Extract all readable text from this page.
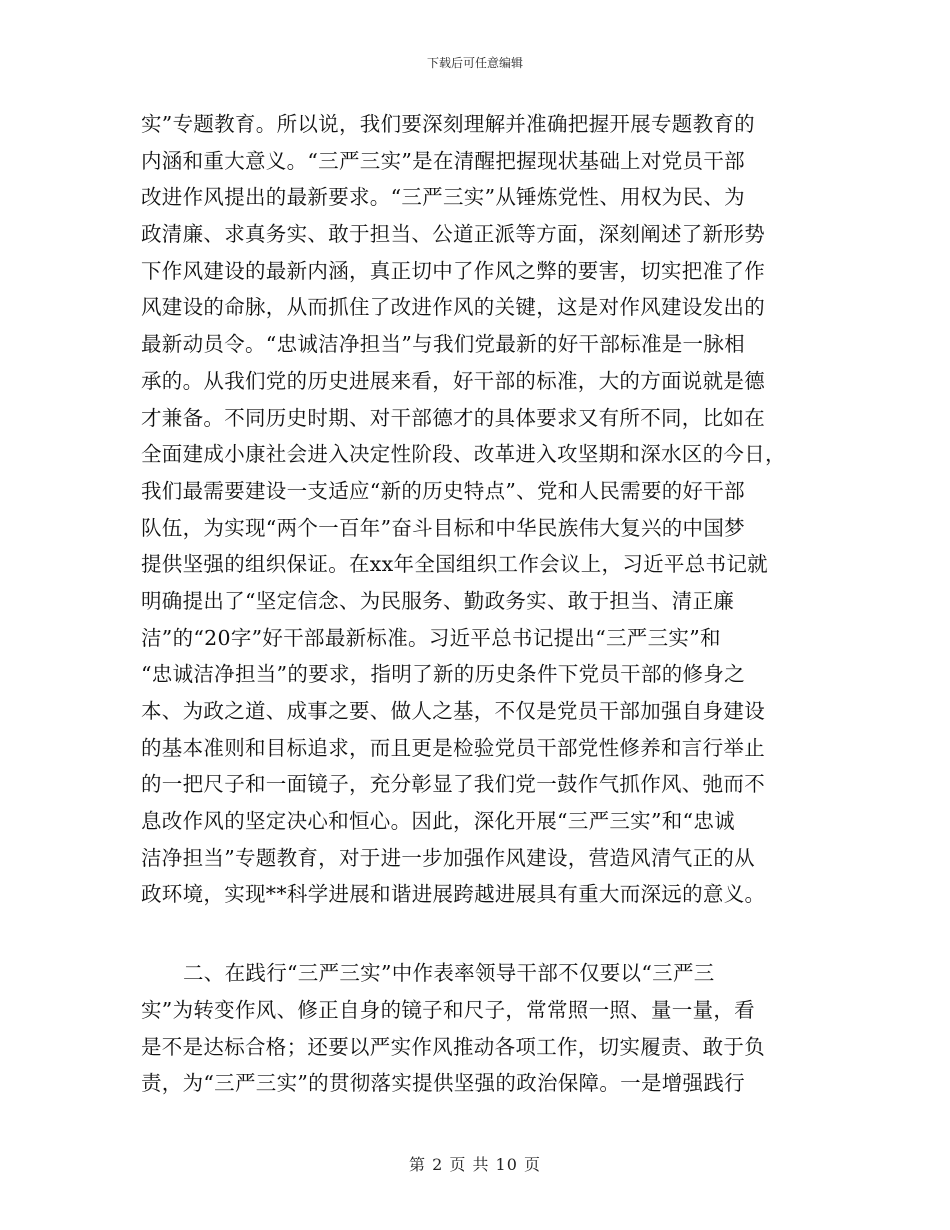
下载后可任意编辑
实”专题教育。所以说，我们要深刻理解并准确把握开展专题教育的
内涵和重大意义。“三严三实”是在清醒把握现状基础上对党员干部
改进作风提出的最新要求。“三严三实”从锤炼党性、用权为民、为
政清廉、求真务实、敢于担当、公道正派等方面，深刻阐述了新形势
下作风建设的最新内涵，真正切中了作风之弊的要害，切实把准了作
风建设的命脉，从而抓住了改进作风的关键，这是对作风建设发出的
最新动员令。“忠诚洁净担当”与我们党最新的好干部标准是一脉相
承的。从我们党的历史进展来看，好干部的标准，大的方面说就是德
才兼备。不同历史时期、对干部德才的具体要求又有所不同，比如在
全面建成小康社会进入决定性阶段、改革进入攻坚期和深水区的今日，
我们最需要建设一支适应“新的历史特点”、党和人民需要的好干部
队伍，为实现“两个一百年”奋斗目标和中华民族伟大复兴的中国梦
提供坚强的组织保证。在xx年全国组织工作会议上，习近平总书记就
明确提出了“坚定信念、为民服务、勤政务实、敢于担当、清正廉
洁”的“20字”好干部最新标准。习近平总书记提出“三严三实”和
“忠诚洁净担当”的要求，指明了新的历史条件下党员干部的修身之
本、为政之道、成事之要、做人之基，不仅是党员干部加强自身建设
的基本准则和目标追求，而且更是检验党员干部党性修养和言行举止
的一把尺子和一面镜子，充分彰显了我们党一鼓作气抓作风、弛而不
息改作风的坚定决心和恒心。因此，深化开展“三严三实”和“忠诚
洁净担当”专题教育，对于进一步加强作风建设，营造风清气正的从
政环境，实现**科学进展和谐进展跨越进展具有重大而深远的意义。
二、在践行“三严三实”中作表率领导干部不仅要以“三严三
实”为转变作风、修正自身的镜子和尺子，常常照一照、量一量，看
是不是达标合格；还要以严实作风推动各项工作，切实履责、敢于负
责，为“三严三实”的贯彻落实提供坚强的政治保障。一是增强践行
第 2 页 共 10 页
